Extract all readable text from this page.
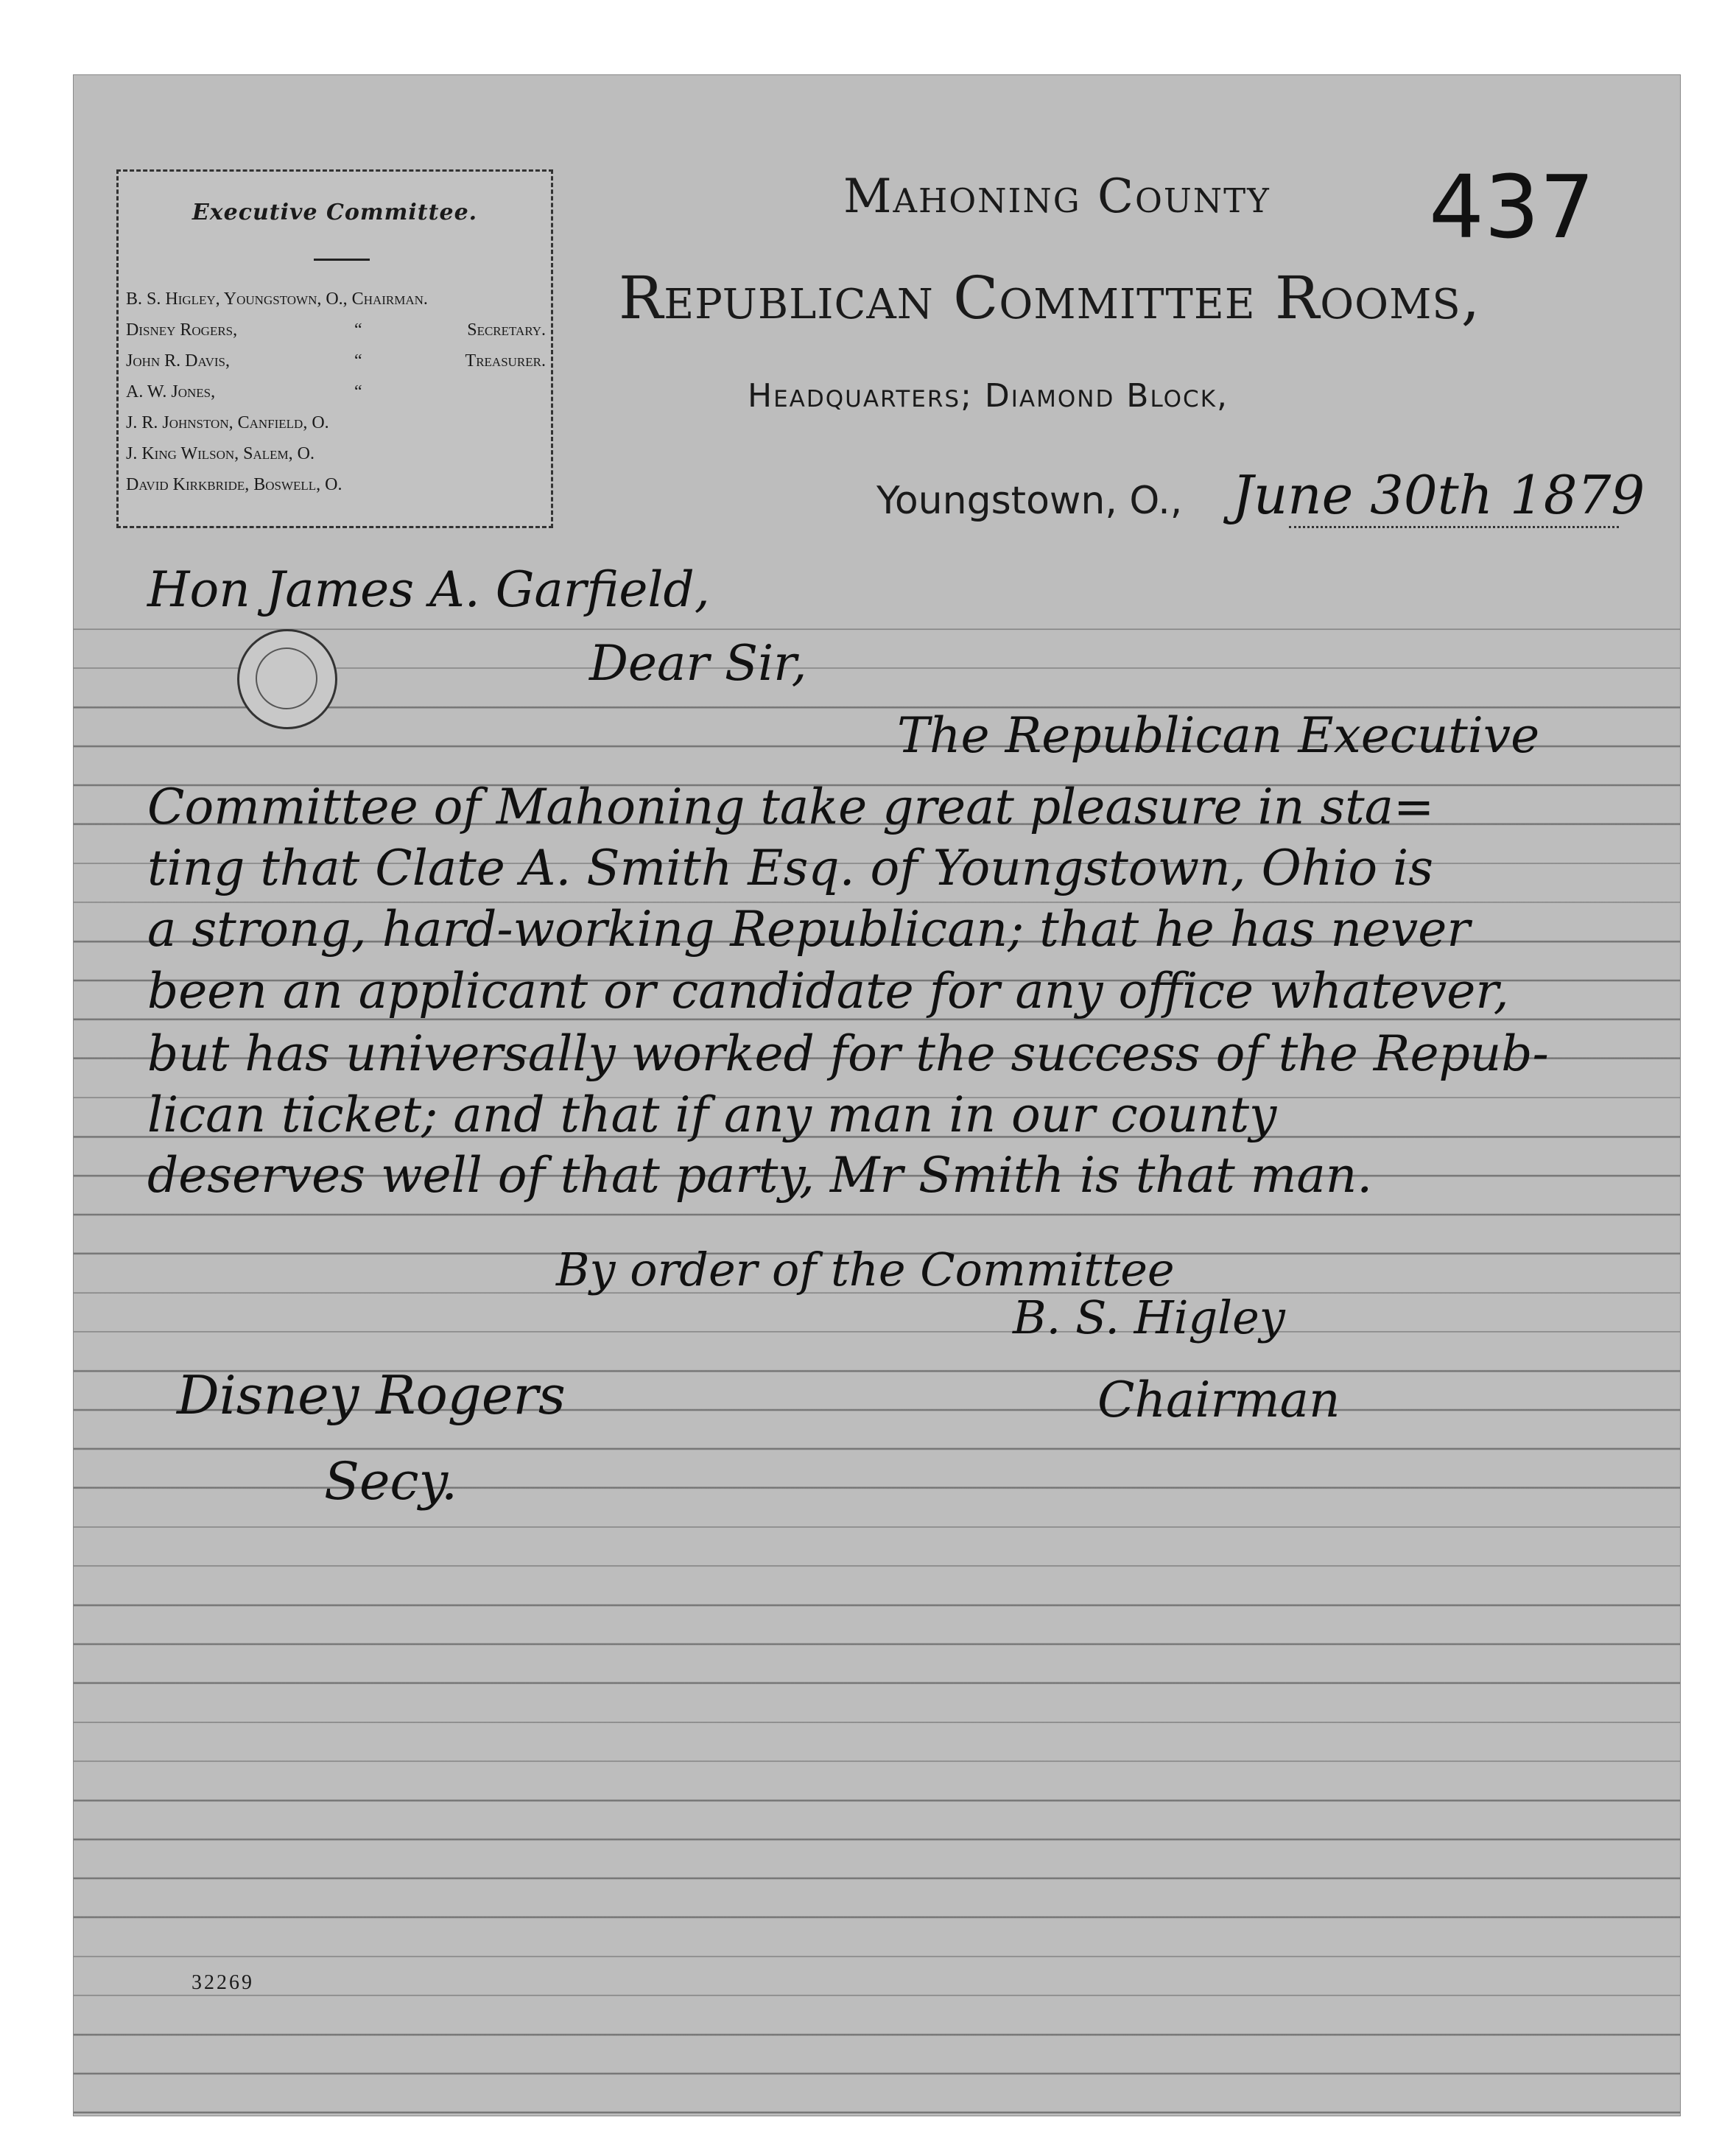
Executive Committee.
B. S. Higley, Youngstown, O., Chairman.
Disney Rogers,	“	Secretary.
John R. Davis,	“	Treasurer.
A. W. Jones,	“
J. R. Johnston, Canfield, O.
J. King Wilson, Salem, O.
David Kirkbride, Boswell, O.
Mahoning County
Republican Committee Rooms,
Headquarters; Diamond Block,
437
Youngstown, O., June 30th 1879
Hon James A. Garfield,
Dear Sir,
The Republican Executive
Committee of Mahoning take great pleasure in sta=
ting that Clate A. Smith Esq. of Youngstown, Ohio is
a strong, hard-working Republican; that he has never
been an applicant or candidate for any office whatever,
but has universally worked for the success of the Repub-
lican ticket; and that if any man in our county
deserves well of that party, Mr Smith is that man.
By order of the Committee
B. S. Higley
Chairman
Disney Rogers
Secy.
32269
